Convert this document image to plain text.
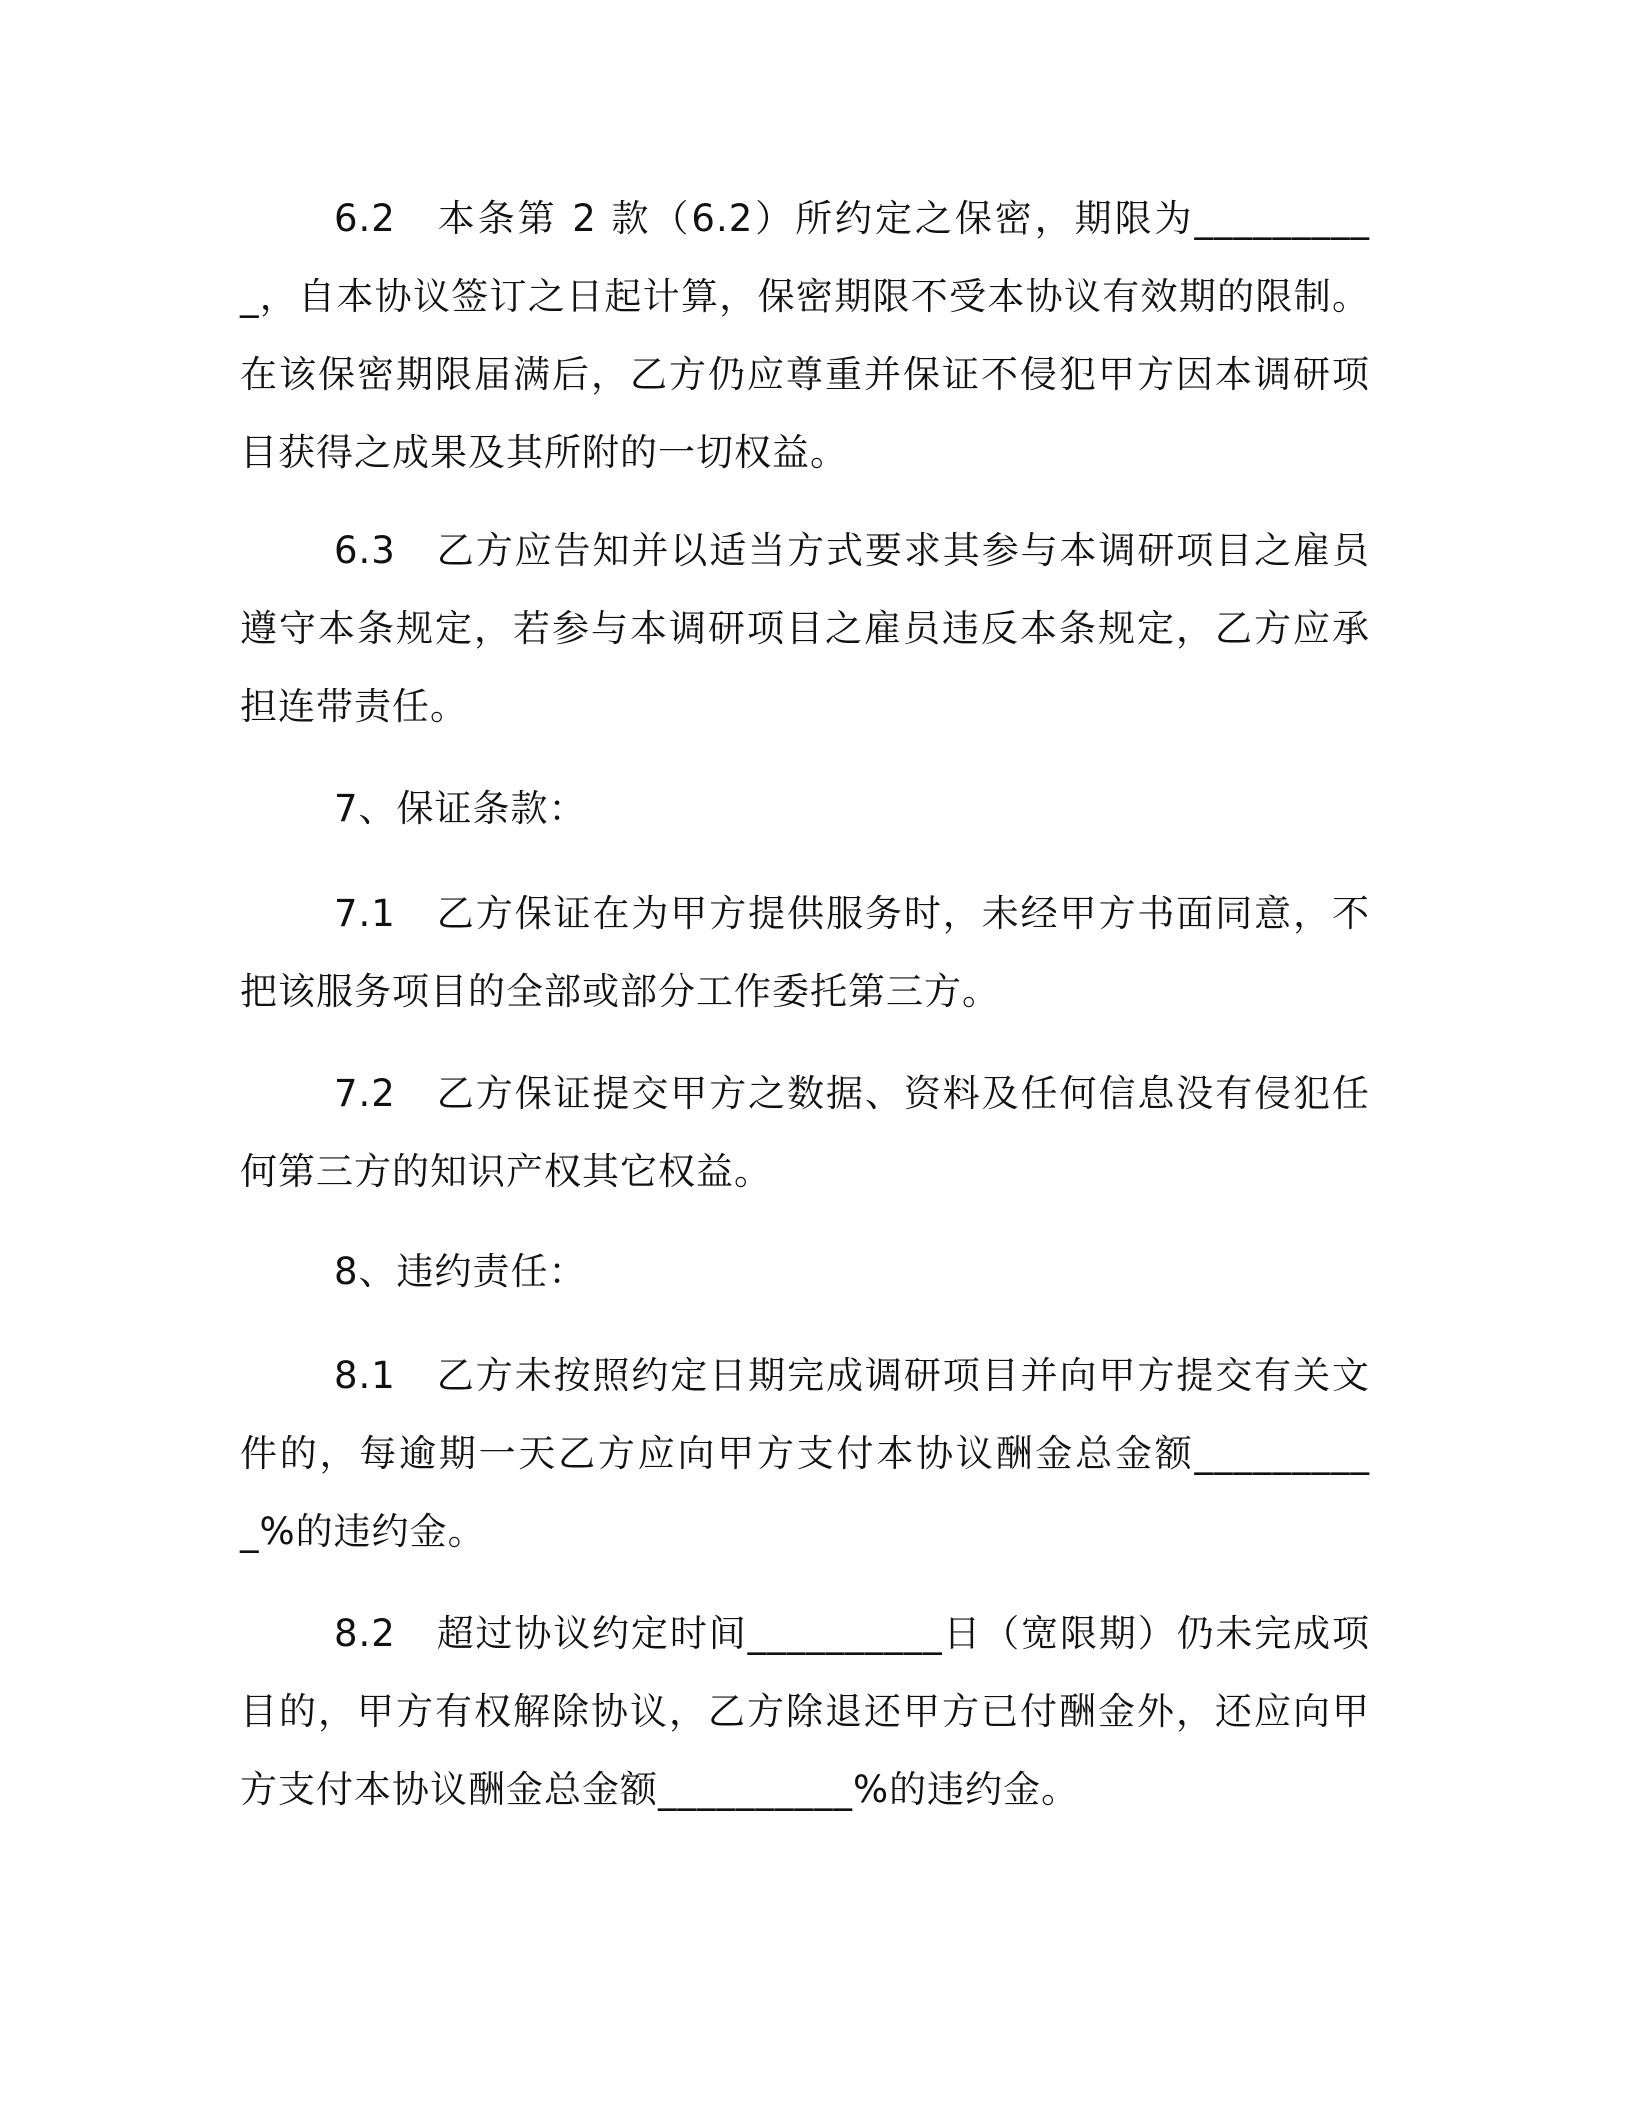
6.2 本条第 2 款（6.2）所约定之保密，期限为__________，自本协议签订之日起计算，保密期限不受本协议有效期的限制。在该保密期限届满后，乙方仍应尊重并保证不侵犯甲方因本调研项目获得之成果及其所附的一切权益。
6.3 乙方应告知并以适当方式要求其参与本调研项目之雇员遵守本条规定，若参与本调研项目之雇员违反本条规定，乙方应承担连带责任。
7、保证条款：
7.1 乙方保证在为甲方提供服务时，未经甲方书面同意，不把该服务项目的全部或部分工作委托第三方。
7.2 乙方保证提交甲方之数据、资料及任何信息没有侵犯任何第三方的知识产权其它权益。
8、违约责任：
8.1 乙方未按照约定日期完成调研项目并向甲方提交有关文件的，每逾期一天乙方应向甲方支付本协议酬金总金额__________%的违约金。
8.2 超过协议约定时间__________日（宽限期）仍未完成项目的，甲方有权解除协议，乙方除退还甲方已付酬金外，还应向甲方支付本协议酬金总金额__________%的违约金。
